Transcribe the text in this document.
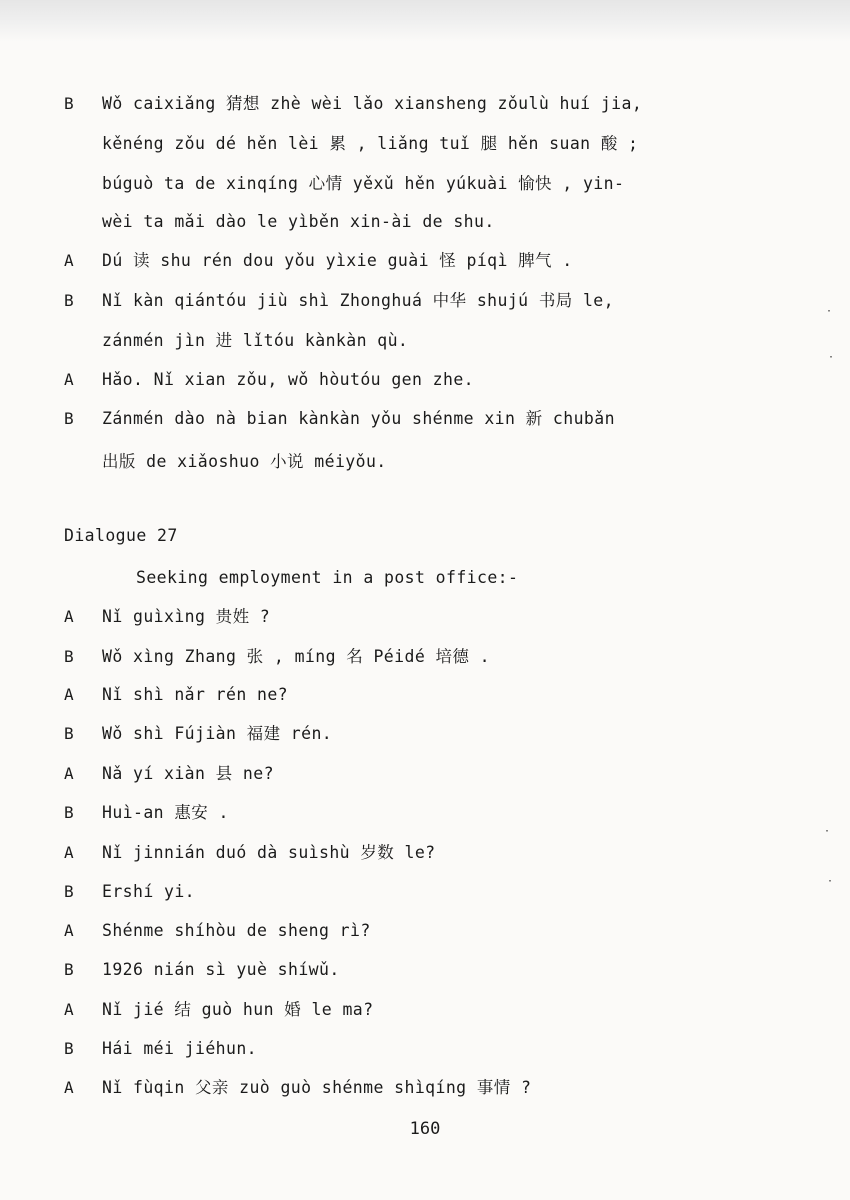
B Wǒ caixiǎng 猜想 zhè wèi lǎo xiansheng zǒulù huí jia,
kěnéng zǒu dé hěn lèi 累 , liǎng tuǐ 腿 hěn suan 酸 ;
búguò ta de xinqíng 心情 yěxǔ hěn yúkuài 愉快 , yin-
wèi ta mǎi dào le yìběn xin-ài de shu.
A Dú 读 shu rén dou yǒu yìxie guài 怪 píqì 脾气 .
B Nǐ kàn qiántóu jiù shì Zhonghuá 中华 shujú 书局 le,
zánmén jìn 进 lǐtóu kànkàn qù.
A Hǎo. Nǐ xian zǒu, wǒ hòutóu gen zhe.
B Zánmén dào nà bian kànkàn yǒu shénme xin 新 chubǎn
出版 de xiǎoshuo 小说 méiyǒu.
Dialogue 27
Seeking employment in a post office:-
A Nǐ guìxìng 贵姓 ?
B Wǒ xìng Zhang 张 , míng 名 Péidé 培德 .
A Nǐ shì nǎr rén ne?
B Wǒ shì Fújiàn 福建 rén.
A Nǎ yí xiàn 县 ne?
B Huì-an 惠安 .
A Nǐ jinnián duó dà suìshù 岁数 le?
B Ershí yi.
A Shénme shíhòu de sheng rì?
B 1926 nián sì yuè shíwǔ.
A Nǐ jié 结 guò hun 婚 le ma?
B Hái méi jiéhun.
A Nǐ fùqin 父亲 zuò guò shénme shìqíng 事情 ?
160
·
·
·
·
